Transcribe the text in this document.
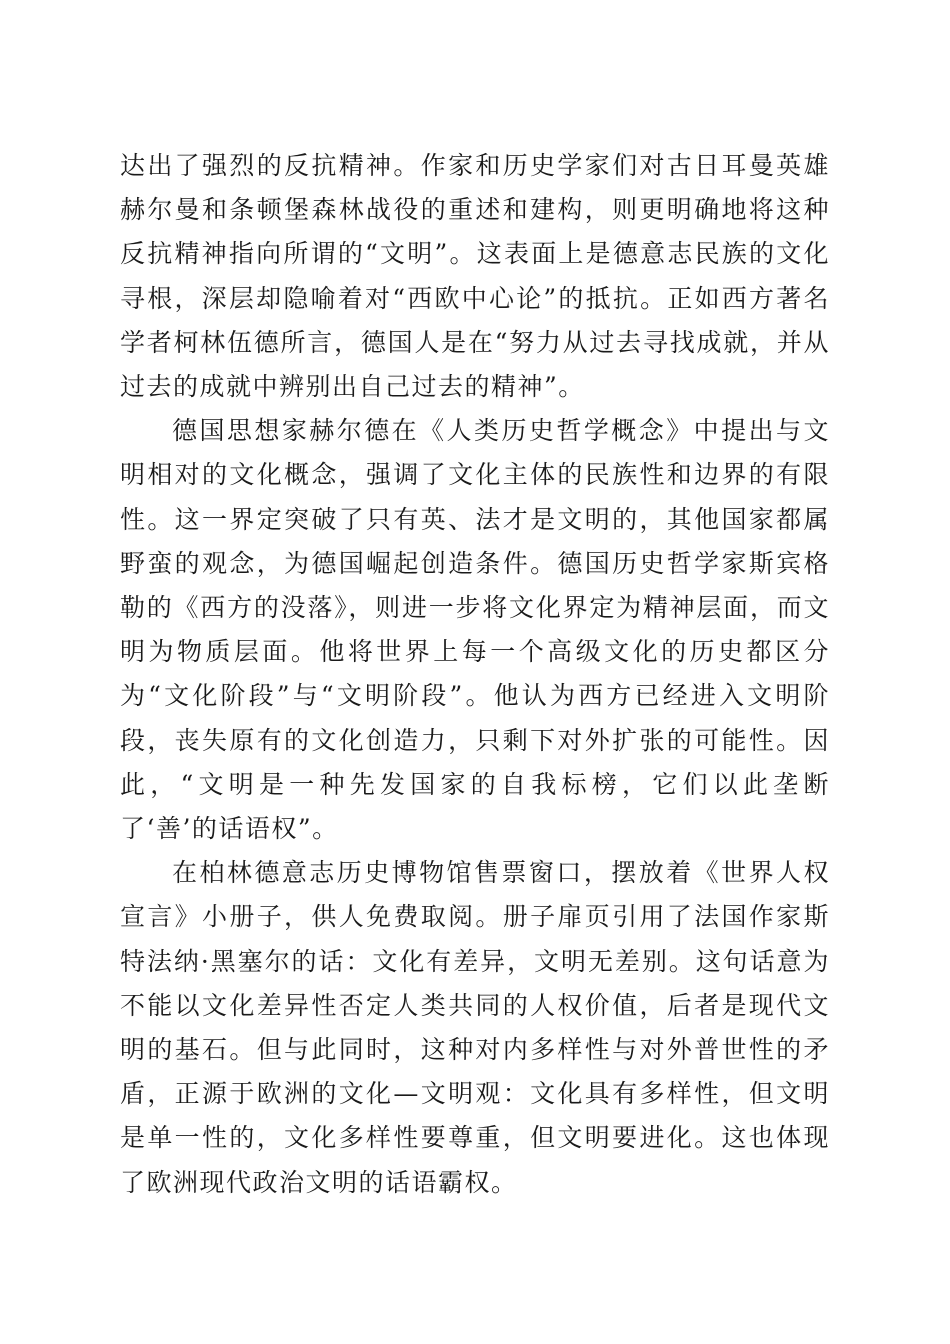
达出了强烈的反抗精神。作家和历史学家们对古日耳曼英雄赫尔曼和条顿堡森林战役的重述和建构，则更明确地将这种反抗精神指向所谓的“文明”。这表面上是德意志民族的文化寻根，深层却隐喻着对“西欧中心论”的抵抗。正如西方著名学者柯林伍德所言，德国人是在“努力从过去寻找成就，并从过去的成就中辨别出自己过去的精神”。

德国思想家赫尔德在《人类历史哲学概念》中提出与文明相对的文化概念，强调了文化主体的民族性和边界的有限性。这一界定突破了只有英、法才是文明的，其他国家都属野蛮的观念，为德国崛起创造条件。德国历史哲学家斯宾格勒的《西方的没落》，则进一步将文化界定为精神层面，而文明为物质层面。他将世界上每一个高级文化的历史都区分为“文化阶段”与“文明阶段”。他认为西方已经进入文明阶段，丧失原有的文化创造力，只剩下对外扩张的可能性。因此，“文明是一种先发国家的自我标榜，它们以此垄断了‘善’的话语权”。

在柏林德意志历史博物馆售票窗口，摆放着《世界人权宣言》小册子，供人免费取阅。册子扉页引用了法国作家斯特法纳·黑塞尔的话：文化有差异，文明无差别。这句话意为不能以文化差异性否定人类共同的人权价值，后者是现代文明的基石。但与此同时，这种对内多样性与对外普世性的矛盾，正源于欧洲的文化—文明观：文化具有多样性，但文明是单一性的，文化多样性要尊重，但文明要进化。这也体现了欧洲现代政治文明的话语霸权。
